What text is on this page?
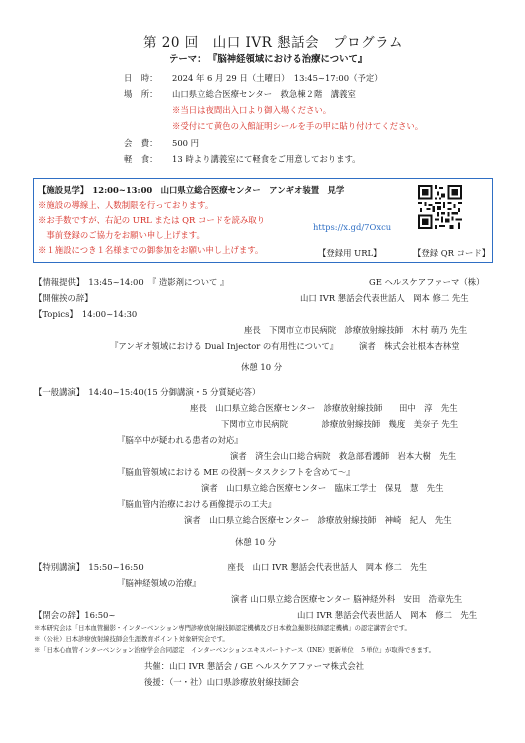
第 20 回　山口 IVR 懇話会　プログラム
テーマ： 『脳神経領域における治療について』
日　時： 2024 年 6 月 29 日（土曜日）　13:45~17:00（予定）
場　所： 山口県立総合医療センター　救急棟２階　講義室
※当日は夜間出入口より御入場ください。
※受付にて黄色の入館証明シールを手の甲に貼り付けてください。
会　費： 500 円
軽　食： 13 時より講義室にて軽食をご用意しております。
【施設見学】　12:00~13:00　山口県立総合医療センター　アンギオ装置　見学
※施設の導線上、人数制限を行っております。
※お手数ですが、右記の URL または QR コードを読み取り
　事前登録のご協力をお願い申し上げます。
※１施設につき１名様までの御参加をお願い申し上げます。
https://x.gd/7Oxcu
【登録用 URL】	【登録 QR コード】
【情報提供】　13:45~14:00　『 造影剤について 』	GE ヘルスケアファーマ（株）
【開催挨の辞】	山口 IVR 懇話会代表世話人　岡本 修二 先生
【Topics】　14:00~14:30
座長　下関市立市民病院　診療放射線技師　木村 萌乃 先生
『アンギオ領域における Dual Injector の有用性について』　　　演者　株式会社根本杏林堂
休憩 10 分
【一般講演】　14:40~15:40(15 分御講演・5 分質疑応答）
座長　山口県立総合医療センター　診療放射線技師　　田中　淳　先生
下関市立市民病院　　　　診療放射線技師　幾度　美奈子 先生
『脳卒中が疑われる患者の対応』
演者　済生会山口総合病院　救急部看護師　岩本大樹　先生
『脳血管領域における ME の役割～タスクシフトを含めて～』
演者　山口県立総合医療センター　臨床工学士　保見　慧　先生
『脳血管内治療における画像提示の工夫』
演者　山口県立総合医療センター　診療放射線技師　神崎　紀人　先生
休憩 10 分
【特別講演】　15:50~16:50　　　　　　　　　　座長　山口 IVR 懇話会代表世話人　岡本 修二　先生
『脳神経領域の治療』
演者 山口県立総合医療センター 脳神経外科　安田　浩章先生
【閉会の辞】16:50~	山口 IVR 懇話会代表世話人　岡本　修二　先生
※本研究会は「日本血管撮影・インターベンション専門診療放射線技師認定機構及び日本救急撮影技師認定機構」の認定講習会です。
※（公社）日本診療放射線技師会生涯教育ポイント対象研究会です。
※「日本心血管インターベンション治療学会合同認定　インターベンションエキスパートナース（INE）更新単位　５単位」が取得できます。
共催：山口 IVR 懇話会 / GE ヘルスケアファーマ株式会社
後援：（一・社）山口県診療放射線技師会
